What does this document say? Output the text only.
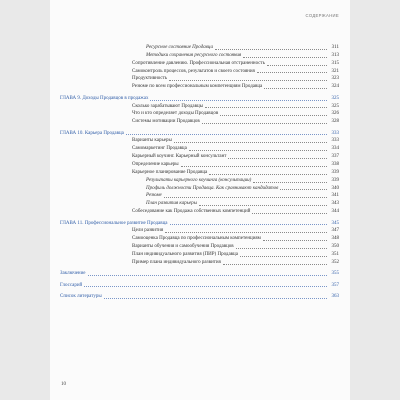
СОДЕРЖАНИЕ
Ресурсное состояние Продавца	311
Методики сохранения ресурсного состояния	313
Сопротивление давлению. Профессиональная отстраненность	315
Самоконтроль процессов, результатов и своего состояния	321
Продуктивность	323
Резюме по всем профессиональным компетенциям Продавца	324
ГЛАВА 9. Доходы Продавцов в продажах	325
Сколько зарабатывают Продавцы	325
Что и кто определяет доходы Продавцов	326
Системы мотивации Продавцов	328
ГЛАВА 10. Карьера Продавца	333
Варианты карьеры	333
Самомаркетинг Продавца	334
Карьерный коучинг. Карьерный консультант	337
Определение карьеры	338
Карьерное планирование Продавца	339
Результаты карьерного коучинга (консультации)	339
Профиль должности Продавца. Как сравнивают кандидатов	340
Резюме	341
План развития карьеры	343
Собеседование как Продажа собственных компетенций	344
ГЛАВА 11. Профессиональное развитие Продавца	345
Цели развития	347
Самооценка Продавца по профессиональным компетенциям	348
Варианты обучения и самообучения Продавцов	350
План индивидуального развития (ПИР) Продавца	351
Пример плана индивидуального развития	352
Заключение	355
Глоссарий	357
Список литературы	363
10
